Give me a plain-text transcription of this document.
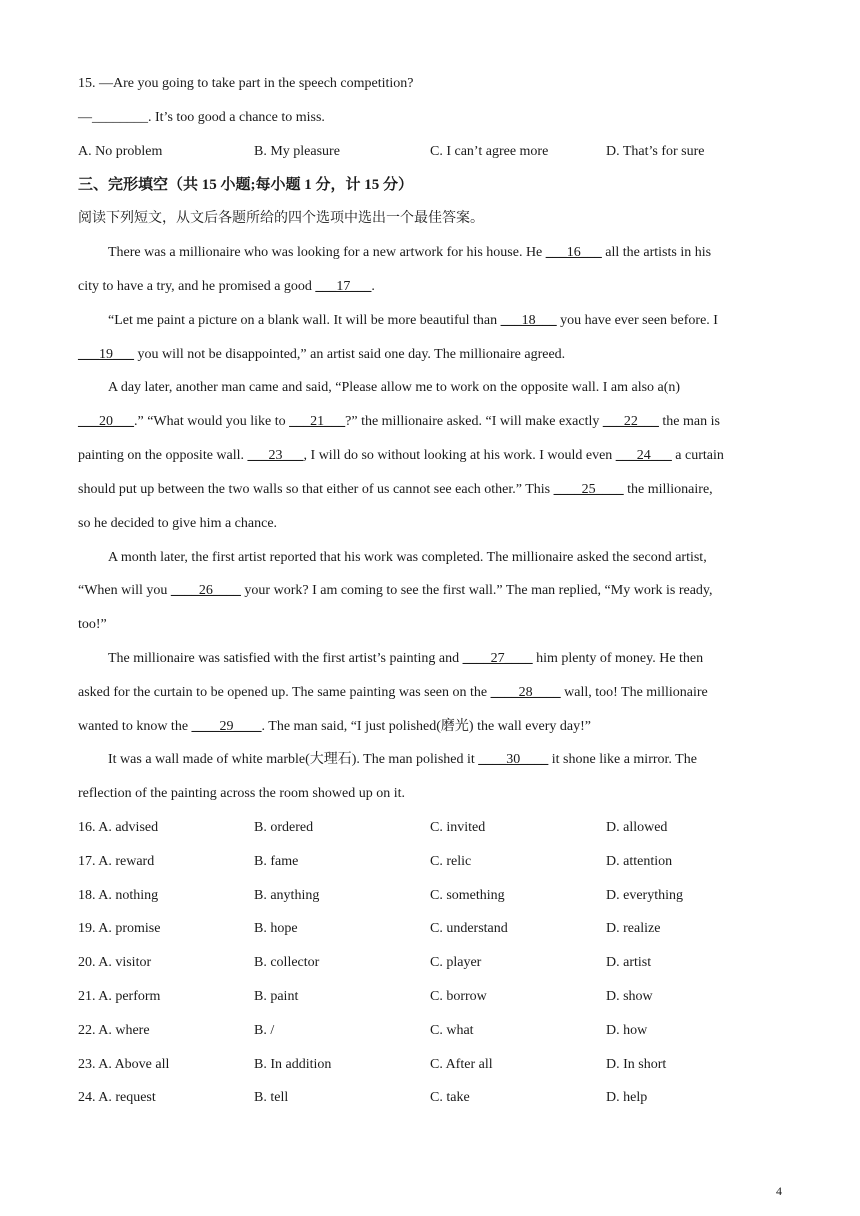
15. —Are you going to take part in the speech competition?
—________. It’s too good a chance to miss.
A. No problem	B. My pleasure	C. I can’t agree more	D. That’s for sure
三、完形填空（共 15 小题;每小题 1 分，计 15 分）
阅读下列短文，从文后各题所给的四个选项中选出一个最佳答案。
There was a millionaire who was looking for a new artwork for his house. He ___16___ all the artists in his
city to have a try, and he promised a good ___17___.
“Let me paint a picture on a blank wall. It will be more beautiful than ___18___ you have ever seen before. I
___19___ you will not be disappointed,” an artist said one day. The millionaire agreed.
A day later, another man came and said, “Please allow me to work on the opposite wall. I am also a(n)
___20___.” “What would you like to ___21___?” the millionaire asked. “I will make exactly ___22___ the man is
painting on the opposite wall. ___23___, I will do so without looking at his work. I would even ___24___ a curtain
should put up between the two walls so that either of us cannot see each other.” This ____25____ the millionaire,
so he decided to give him a chance.
A month later, the first artist reported that his work was completed. The millionaire asked the second artist,
“When will you ____26____ your work? I am coming to see the first wall.” The man replied, “My work is ready,
too!”
The millionaire was satisfied with the first artist’s painting and ____27____ him plenty of money. He then
asked for the curtain to be opened up. The same painting was seen on the ____28____ wall, too! The millionaire
wanted to know the ____29____. The man said, “I just polished(磨光) the wall every day!”
It was a wall made of white marble(大理石). The man polished it ____30____ it shone like a mirror. The
reflection of the painting across the room showed up on it.
16. A. advised	B. ordered	C. invited	D. allowed
17. A. reward	B. fame	C. relic	D. attention
18. A. nothing	B. anything	C. something	D. everything
19. A. promise	B. hope	C. understand	D. realize
20. A. visitor	B. collector	C. player	D. artist
21. A. perform	B. paint	C. borrow	D. show
22. A. where	B. /	C. what	D. how
23. A. Above all	B. In addition	C. After all	D. In short
24. A. request	B. tell	C. take	D. help
4
